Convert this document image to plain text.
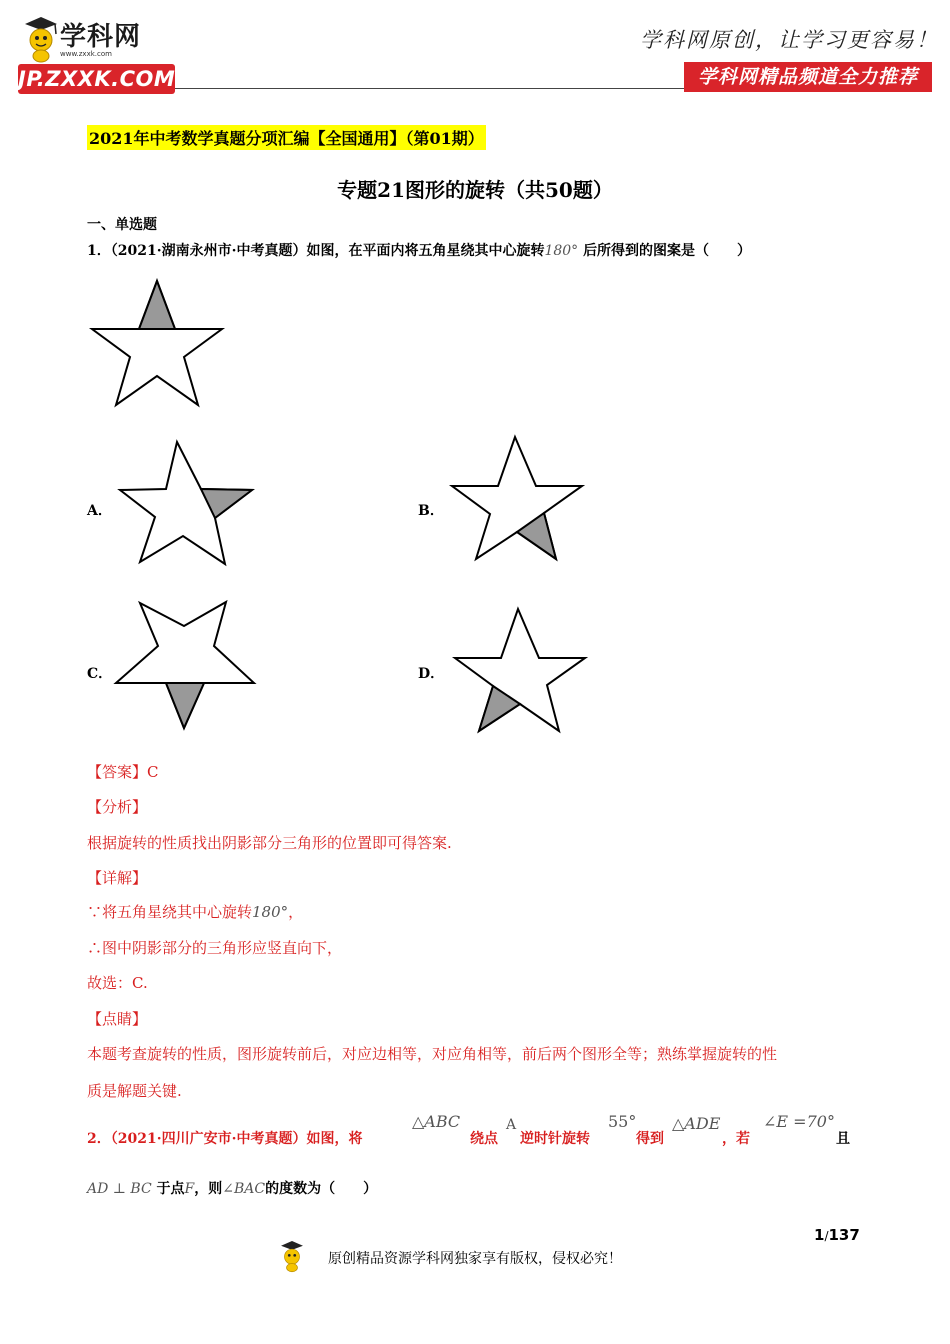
学科网
www.zxxk.com
JP.ZXXK.COM
学科网原创，让学习更容易！
学科网精品频道全力推荐
2021年中考数学真题分项汇编【全国通用】（第01期）
专题21图形的旋转（共50题）
一、单选题
1．（2021·湖南永州市·中考真题）如图，在平面内将五角星绕其中心旋转180° 后所得到的图案是（　　）
A．	B．
C．	D．
【答案】C
【分析】
根据旋转的性质找出阴影部分三角形的位置即可得答案.
【详解】
∵将五角星绕其中心旋转180°，
∴图中阴影部分的三角形应竖直向下，
故选：C.
【点睛】
本题考查旋转的性质，图形旋转前后，对应边相等，对应角相等，前后两个图形全等；熟练掌握旋转的性
质是解题关键.
2．（2021·四川广安市·中考真题）如图，将
△ABC
绕点
A
逆时针旋转
55°
得到
△ADE
，若
∠E =70°
且
AD ⊥ BC 于点F，则∠BAC的度数为（　　）
1/137
原创精品资源学科网独家享有版权，侵权必究！
